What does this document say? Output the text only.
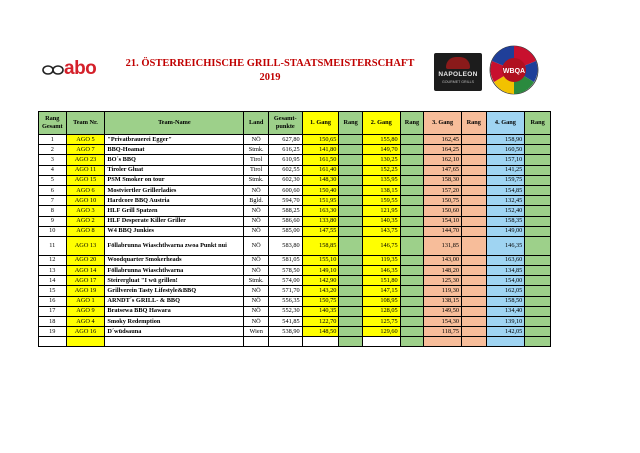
abo	21. ÖSTERREICHISCHE GRILL-STAATSMEISTERSCHAFT
2019	NAPOLEON
GOURMET GRILLS
WBQA
Rang Gesamt	Team Nr.	Team-Name	Land	Gesamt-punkte	1. Gang	Rang	2. Gang	Rang	3. Gang	Rang	4. Gang	Rang
1	AGO 5	"Privatbrauerei Egger"	NÖ	627,80	150,65		155,80		162,45		158,90	
2	AGO 7	BBQ-Hoamat	Stmk.	616,25	141,80		149,70		164,25		160,50	
3	AGO 23	BO´s BBQ	Tirol	610,95	161,50		130,25		162,10		157,10	
4	AGO 11	Tiroler Gluat	Tirol	602,55	161,40		152,25		147,65		141,25	
5	AGO 15	PSM Smoker on tour	Stmk.	602,30	148,30		135,95		158,30		159,75	
6	AGO 6	Mostviertler Grillerladies	NÖ	600,60	150,40		138,15		157,20		154,85	
7	AGO 10	Hardcore BBQ Austria	Bgld.	594,70	151,95		159,55		150,75		132,45	
8	AGO 3	HLF Grill Spatzen	NÖ	588,25	163,30		121,95		150,60		152,40	
9	AGO 2	HLF Desperate Killer Griller	NÖ	586,60	133,80		140,35		154,10		158,35	
10	AGO 8	W4 BBQ Junkies	NÖ	585,00	147,55		143,75		144,70		149,00	
11	AGO 13	Föllabrunna Wiaschtlwarna zwoa Punkt nui	NÖ	583,80	158,85		146,75		131,85		146,35	
12	AGO 20	Woodquarter Smokerheads	NÖ	581,05	155,10		119,35		143,00		163,60	
13	AGO 14	Föllabrunna Wiaschtlwarna	NÖ	578,50	149,10		146,35		148,20		134,85	
14	AGO 17	Steirergluat "I wü grillen!	Stmk.	574,00	142,90		151,80		125,30		154,00	
15	AGO 19	Grillverein Tasty Lifestyle&BBQ	NÖ	571,70	143,20		147,15		119,30		162,05	
16	AGO 1	ARNDT´s GRILL- & BBQ	NÖ	556,35	150,75		108,95		138,15		158,50	
17	AGO 9	Bratsewa BBQ Hawara	NÖ	552,30	140,35		128,05		149,50		134,40	
18	AGO 4	Smoky Redemption	NÖ	541,85	122,70		125,75		154,30		139,10	
19	AGO 16	D´wüdsauna	Wien	538,90	148,50		129,60		118,75		142,05	
